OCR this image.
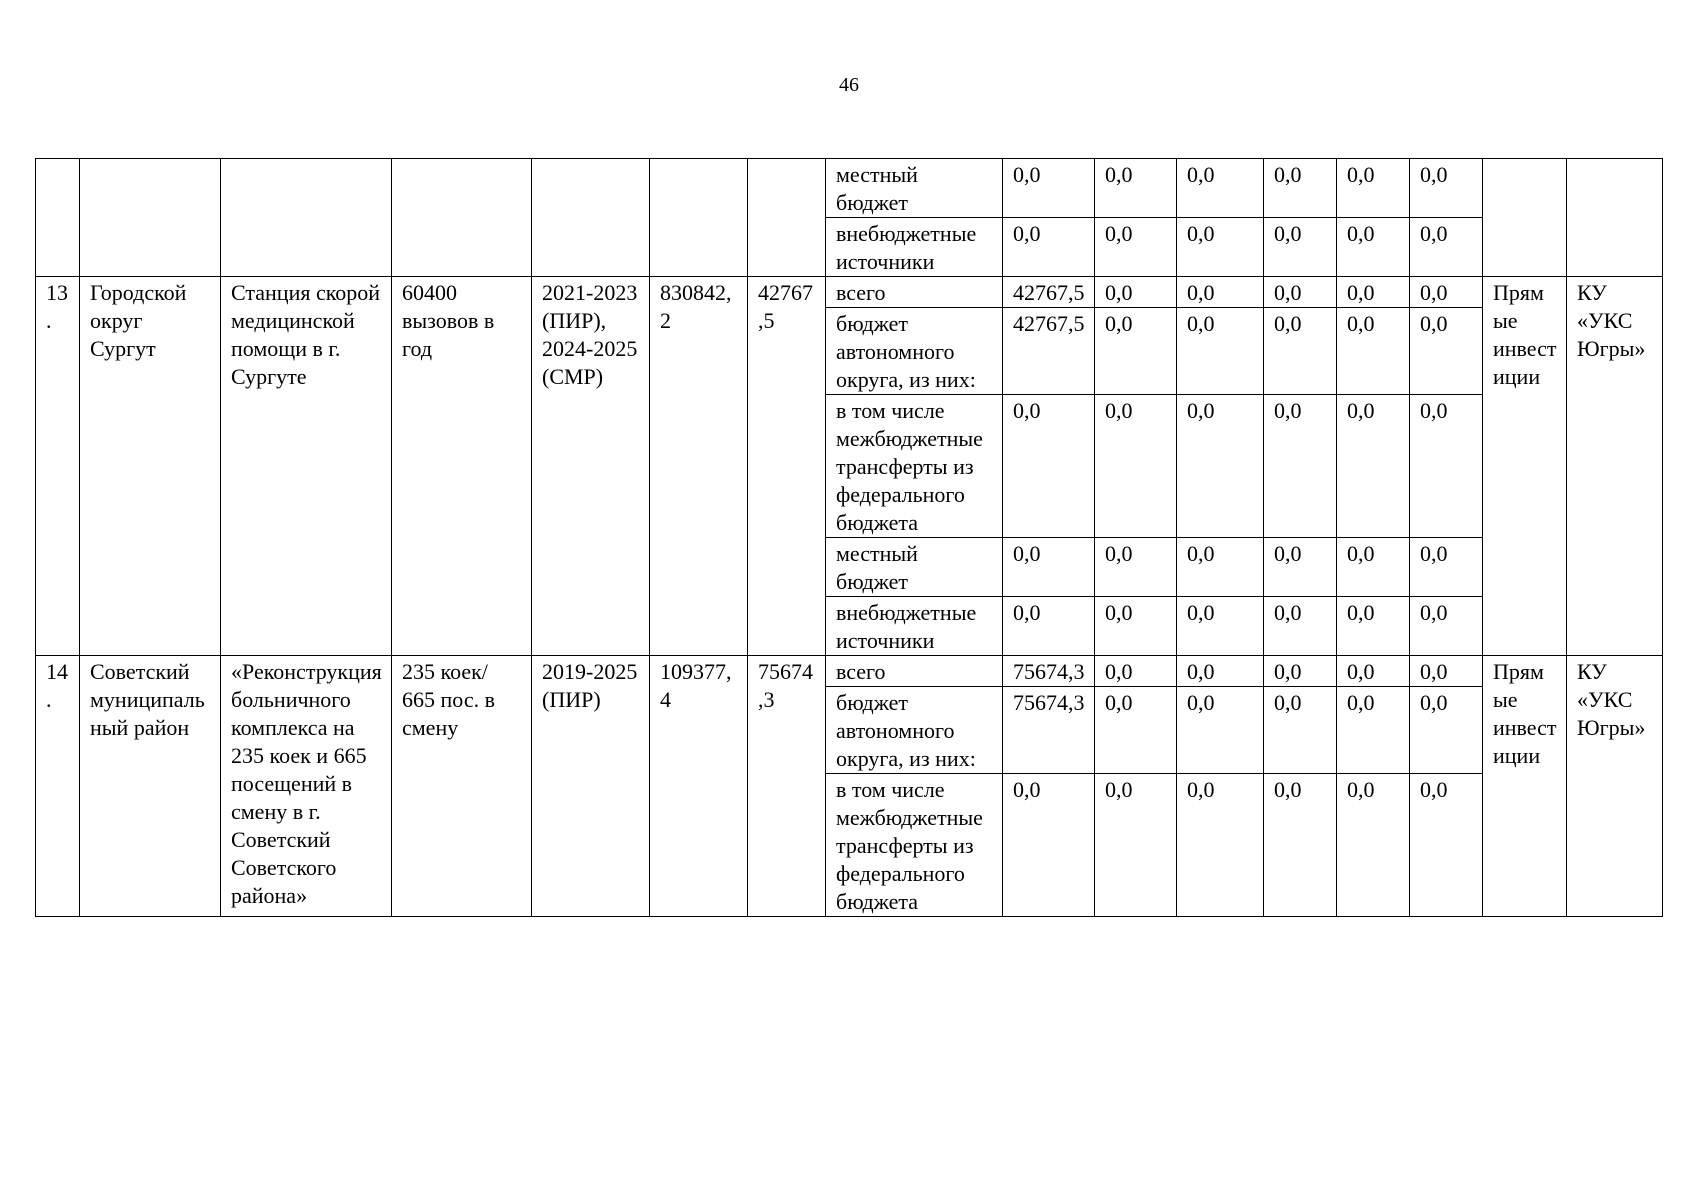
46
							местный бюджет	0,0	0,0	0,0	0,0	0,0	0,0		
							внебюджетные источники	0,0	0,0	0,0	0,0	0,0	0,0		
13.	Городской округ Сургут	Станция скорой медицинской помощи в г. Сургуте	60400 вызовов в год	2021-2023 (ПИР), 2024-2025 (СМР)	830842,2	42767,5	всего	42767,5	0,0	0,0	0,0	0,0	0,0	Прямые инвестиции	КУ «УКС Югры»
							бюджет автономного округа, из них:	42767,5	0,0	0,0	0,0	0,0	0,0		
							в том числе межбюджетные трансферты из федерального бюджета	0,0	0,0	0,0	0,0	0,0	0,0		
							местный бюджет	0,0	0,0	0,0	0,0	0,0	0,0		
							внебюджетные источники	0,0	0,0	0,0	0,0	0,0	0,0		
14.	Советский муниципальный район	«Реконструкция больничного комплекса на 235 коек и 665 посещений в смену в г. Советский Советского района»	235 коек/ 665 пос. в смену	2019-2025 (ПИР)	109377,4	75674,3	всего	75674,3	0,0	0,0	0,0	0,0	0,0	Прямые инвестиции	КУ «УКС Югры»
							бюджет автономного округа, из них:	75674,3	0,0	0,0	0,0	0,0	0,0		
							в том числе межбюджетные трансферты из федерального бюджета	0,0	0,0	0,0	0,0	0,0	0,0		
